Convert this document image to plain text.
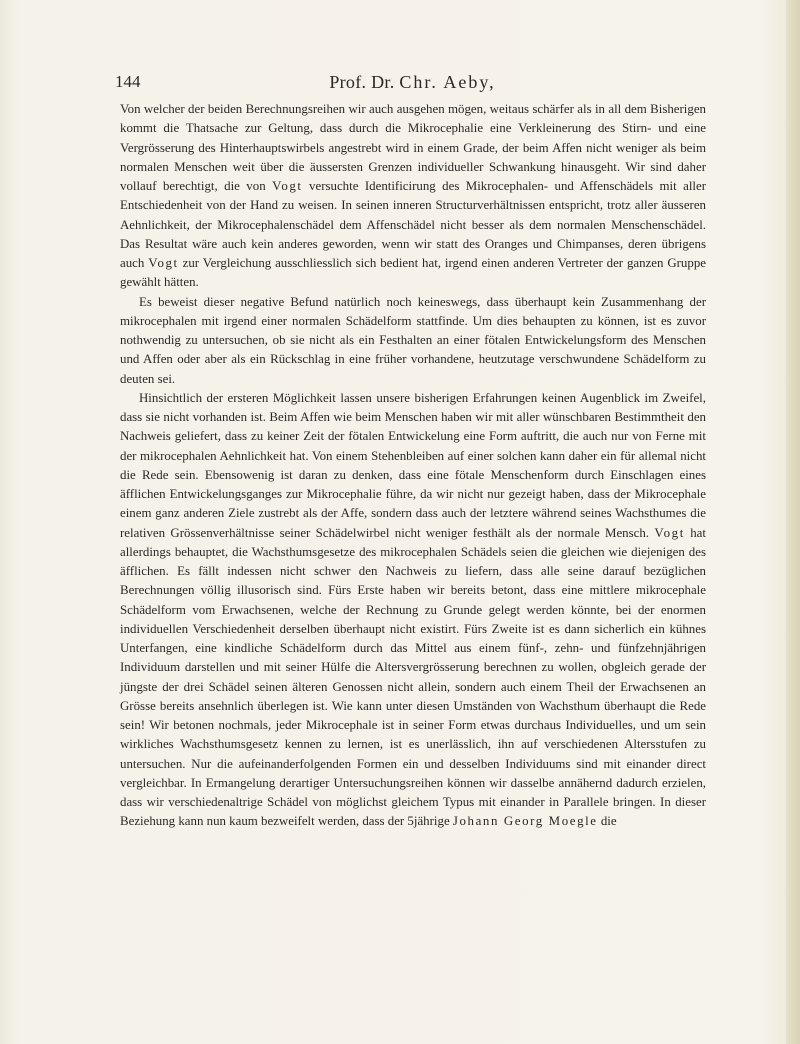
144	Prof. Dr. Chr. Aeby,

Von welcher der beiden Berechnungsreihen wir auch ausgehen mögen, weitaus schärfer als in all dem Bisherigen kommt die Thatsache zur Geltung, dass durch die Mikrocephalie eine Verkleinerung des Stirn- und eine Vergrösserung des Hinterhauptswirbels angestrebt wird in einem Grade, der beim Affen nicht weniger als beim normalen Menschen weit über die äussersten Grenzen individueller Schwankung hinausgeht. Wir sind daher vollauf berechtigt, die von Vogt versuchte Identificirung des Mikrocephalen- und Affenschädels mit aller Entschiedenheit von der Hand zu weisen. In seinen inneren Structurverhältnissen entspricht, trotz aller äusseren Aehnlichkeit, der Mikrocephalenschädel dem Affenschädel nicht besser als dem normalen Menschenschädel. Das Resultat wäre auch kein anderes geworden, wenn wir statt des Oranges und Chimpanses, deren übrigens auch Vogt zur Vergleichung ausschliesslich sich bedient hat, irgend einen anderen Vertreter der ganzen Gruppe gewählt hätten.

Es beweist dieser negative Befund natürlich noch keineswegs, dass überhaupt kein Zusammenhang der mikrocephalen mit irgend einer normalen Schädelform stattfinde. Um dies behaupten zu können, ist es zuvor nothwendig zu untersuchen, ob sie nicht als ein Festhalten an einer fötalen Entwickelungsform des Menschen und Affen oder aber als ein Rückschlag in eine früher vorhandene, heutzutage verschwundene Schädelform zu deuten sei.

Hinsichtlich der ersteren Möglichkeit lassen unsere bisherigen Erfahrungen keinen Augenblick im Zweifel, dass sie nicht vorhanden ist. Beim Affen wie beim Menschen haben wir mit aller wünschbaren Bestimmtheit den Nachweis geliefert, dass zu keiner Zeit der fötalen Entwickelung eine Form auftritt, die auch nur von Ferne mit der mikrocephalen Aehnlichkeit hat. Von einem Stehenbleiben auf einer solchen kann daher ein für allemal nicht die Rede sein. Ebensowenig ist daran zu denken, dass eine fötale Menschenform durch Einschlagen eines äfflichen Entwickelungsganges zur Mikrocephalie führe, da wir nicht nur gezeigt haben, dass der Mikrocephale einem ganz anderen Ziele zustrebt als der Affe, sondern dass auch der letztere während seines Wachsthumes die relativen Grössenverhältnisse seiner Schädelwirbel nicht weniger festhält als der normale Mensch. Vogt hat allerdings behauptet, die Wachsthumsgesetze des mikrocephalen Schädels seien die gleichen wie diejenigen des äfflichen. Es fällt indessen nicht schwer den Nachweis zu liefern, dass alle seine darauf bezüglichen Berechnungen völlig illusorisch sind. Fürs Erste haben wir bereits betont, dass eine mittlere mikrocephale Schädelform vom Erwachsenen, welche der Rechnung zu Grunde gelegt werden könnte, bei der enormen individuellen Verschiedenheit derselben überhaupt nicht existirt. Fürs Zweite ist es dann sicherlich ein kühnes Unterfangen, eine kindliche Schädelform durch das Mittel aus einem fünf-, zehn- und fünfzehnjährigen Individuum darstellen und mit seiner Hülfe die Altersvergrösserung berechnen zu wollen, obgleich gerade der jüngste der drei Schädel seinen älteren Genossen nicht allein, sondern auch einem Theil der Erwachsenen an Grösse bereits ansehnlich überlegen ist. Wie kann unter diesen Umständen von Wachsthum überhaupt die Rede sein! Wir betonen nochmals, jeder Mikrocephale ist in seiner Form etwas durchaus Individuelles, und um sein wirkliches Wachsthumsgesetz kennen zu lernen, ist es unerlässlich, ihn auf verschiedenen Altersstufen zu untersuchen. Nur die aufeinanderfolgenden Formen ein und desselben Individuums sind mit einander direct vergleichbar. In Ermangelung derartiger Untersuchungsreihen können wir dasselbe annähernd dadurch erzielen, dass wir verschiedenaltrige Schädel von möglichst gleichem Typus mit einander in Parallele bringen. In dieser Beziehung kann nun kaum bezweifelt werden, dass der 5jährige Johann Georg Moegle die
